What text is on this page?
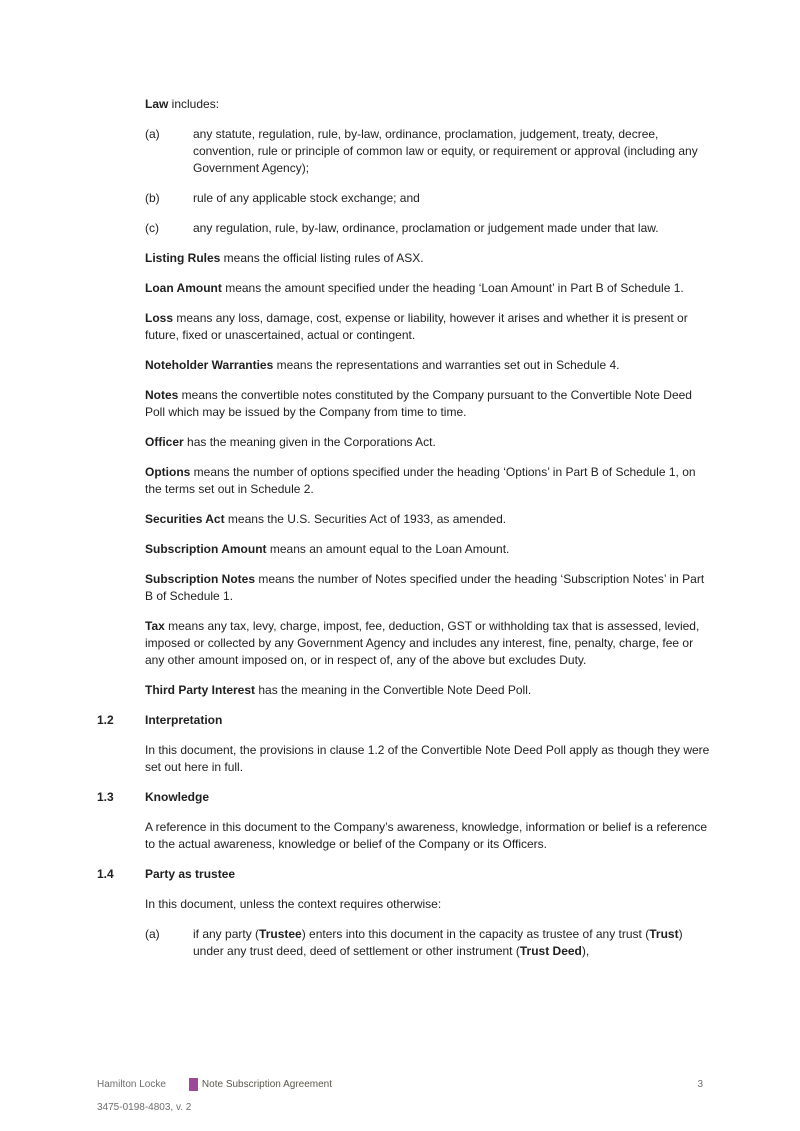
Law includes:

(a)	any statute, regulation, rule, by-law, ordinance, proclamation, judgement, treaty, decree, convention, rule or principle of common law or equity, or requirement or approval (including any Government Agency);
(b)	rule of any applicable stock exchange; and
(c)	any regulation, rule, by-law, ordinance, proclamation or judgement made under that law.

Listing Rules means the official listing rules of ASX.

Loan Amount means the amount specified under the heading ‘Loan Amount’ in Part B of Schedule 1.

Loss means any loss, damage, cost, expense or liability, however it arises and whether it is present or future, fixed or unascertained, actual or contingent.

Noteholder Warranties means the representations and warranties set out in Schedule 4.

Notes means the convertible notes constituted by the Company pursuant to the Convertible Note Deed Poll which may be issued by the Company from time to time.

Officer has the meaning given in the Corporations Act.

Options means the number of options specified under the heading ‘Options’ in Part B of Schedule 1, on the terms set out in Schedule 2.

Securities Act means the U.S. Securities Act of 1933, as amended.

Subscription Amount means an amount equal to the Loan Amount.

Subscription Notes means the number of Notes specified under the heading ‘Subscription Notes’ in Part B of Schedule 1.

Tax means any tax, levy, charge, impost, fee, deduction, GST or withholding tax that is assessed, levied, imposed or collected by any Government Agency and includes any interest, fine, penalty, charge, fee or any other amount imposed on, or in respect of, any of the above but excludes Duty.

Third Party Interest has the meaning in the Convertible Note Deed Poll.

1.2	Interpretation

In this document, the provisions in clause 1.2 of the Convertible Note Deed Poll apply as though they were set out here in full.

1.3	Knowledge

A reference in this document to the Company’s awareness, knowledge, information or belief is a reference to the actual awareness, knowledge or belief of the Company or its Officers.

1.4	Party as trustee

In this document, unless the context requires otherwise:

(a)	if any party (Trustee) enters into this document in the capacity as trustee of any trust (Trust) under any trust deed, deed of settlement or other instrument (Trust Deed),
Hamilton Locke	Note Subscription Agreement	3
3475-0198-4803, v. 2
